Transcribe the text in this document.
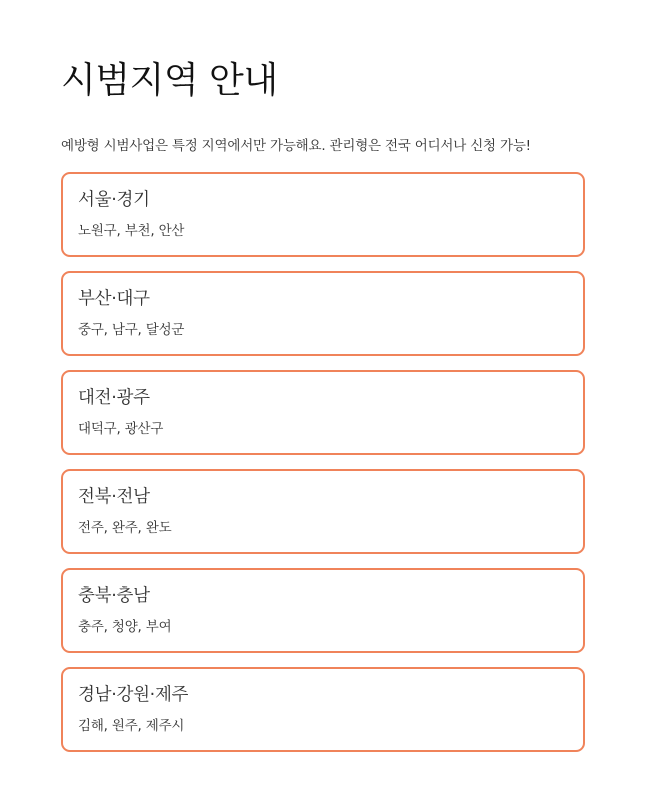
시범지역 안내

예방형 시범사업은 특정 지역에서만 가능해요. 관리형은 전국 어디서나 신청 가능!

서울·경기
노원구, 부천, 안산
부산·대구
중구, 남구, 달성군
대전·광주
대덕구, 광산구
전북·전남
전주, 완주, 완도
충북·충남
충주, 청양, 부여
경남·강원·제주
김해, 원주, 제주시
